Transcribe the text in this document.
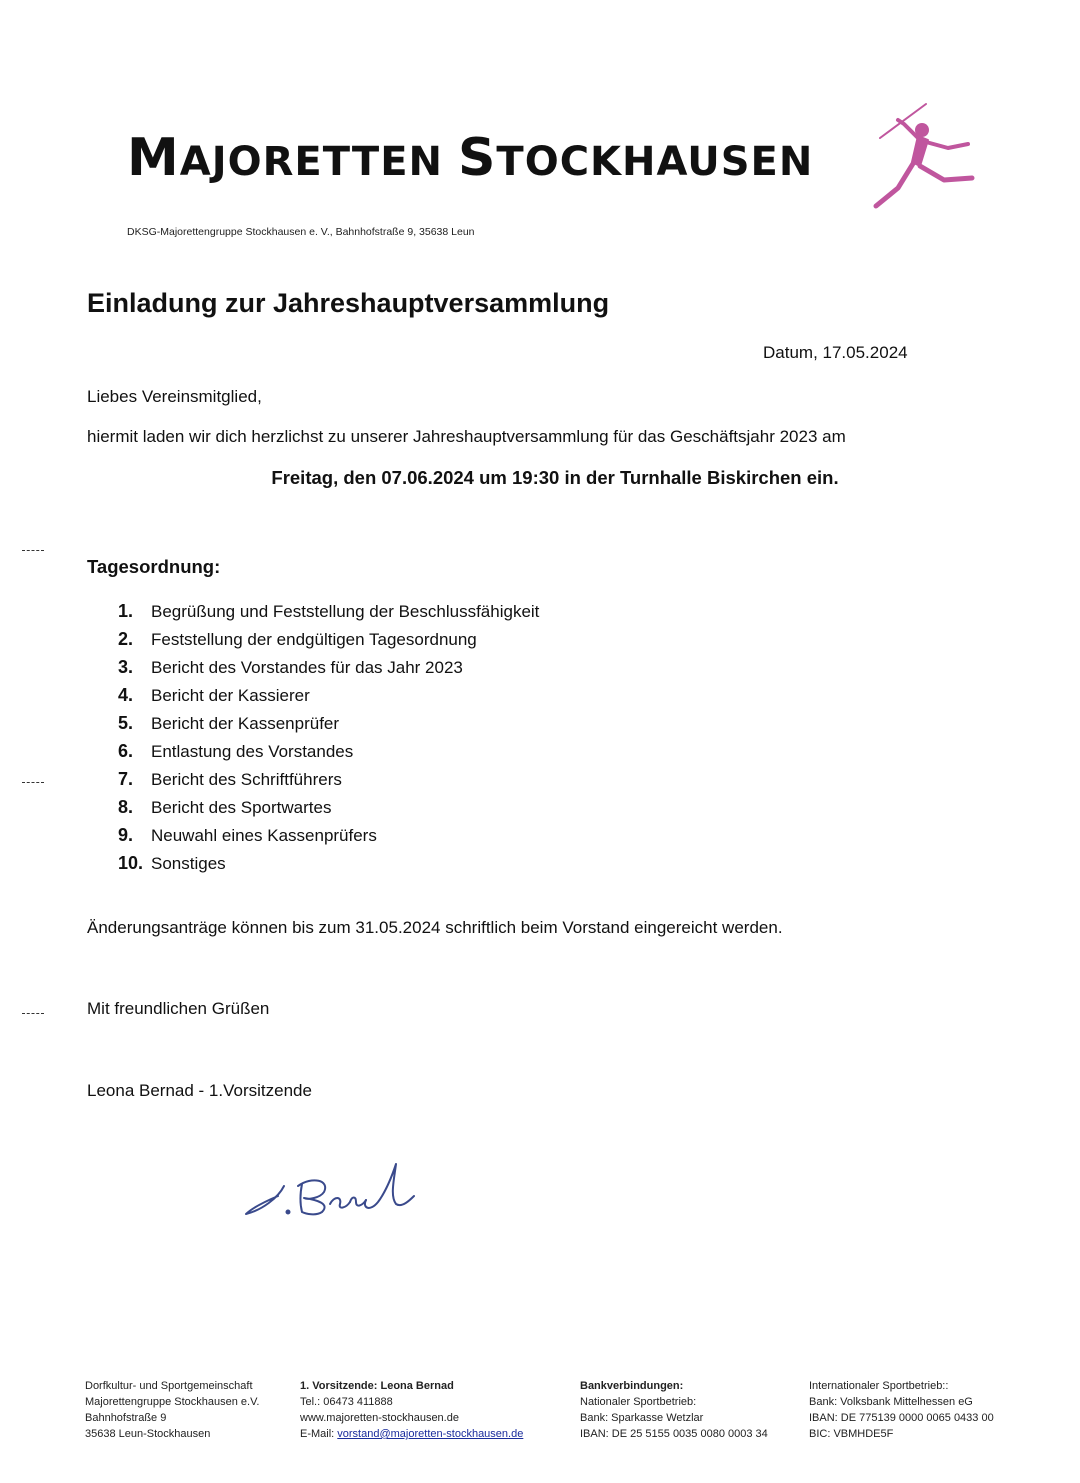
MAJORETTEN STOCKHAUSEN
DKSG-Majorettengruppe Stockhausen e. V., Bahnhofstraße 9, 35638 Leun
Einladung zur Jahreshauptversammlung
Datum, 17.05.2024
Liebes Vereinsmitglied,
hiermit laden wir dich herzlichst zu unserer Jahreshauptversammlung für das Geschäftsjahr 2023 am
Freitag, den 07.06.2024 um 19:30 in der Turnhalle Biskirchen ein.
Tagesordnung:
1. Begrüßung und Feststellung der Beschlussfähigkeit
2. Feststellung der endgültigen Tagesordnung
3. Bericht des Vorstandes für das Jahr 2023
4. Bericht der Kassierer
5. Bericht der Kassenprüfer
6. Entlastung des Vorstandes
7. Bericht des Schriftführers
8. Bericht des Sportwartes
9. Neuwahl eines Kassenprüfers
10. Sonstiges
Änderungsanträge können bis zum 31.05.2024 schriftlich beim Vorstand eingereicht werden.
Mit freundlichen Grüßen
Leona Bernad - 1.Vorsitzende
Dorfkultur- und Sportgemeinschaft
Majorettengruppe Stockhausen e.V.
Bahnhofstraße 9
35638 Leun-Stockhausen
1. Vorsitzende: Leona Bernad
Tel.: 06473 411888
www.majoretten-stockhausen.de
E-Mail: vorstand@majoretten-stockhausen.de
Bankverbindungen:
Nationaler Sportbetrieb:
Bank: Sparkasse Wetzlar
IBAN: DE 25 5155 0035 0080 0003 34
Internationaler Sportbetrieb::
Bank: Volksbank Mittelhessen eG
IBAN: DE 775139 0000 0065 0433 00
BIC: VBMHDE5F
